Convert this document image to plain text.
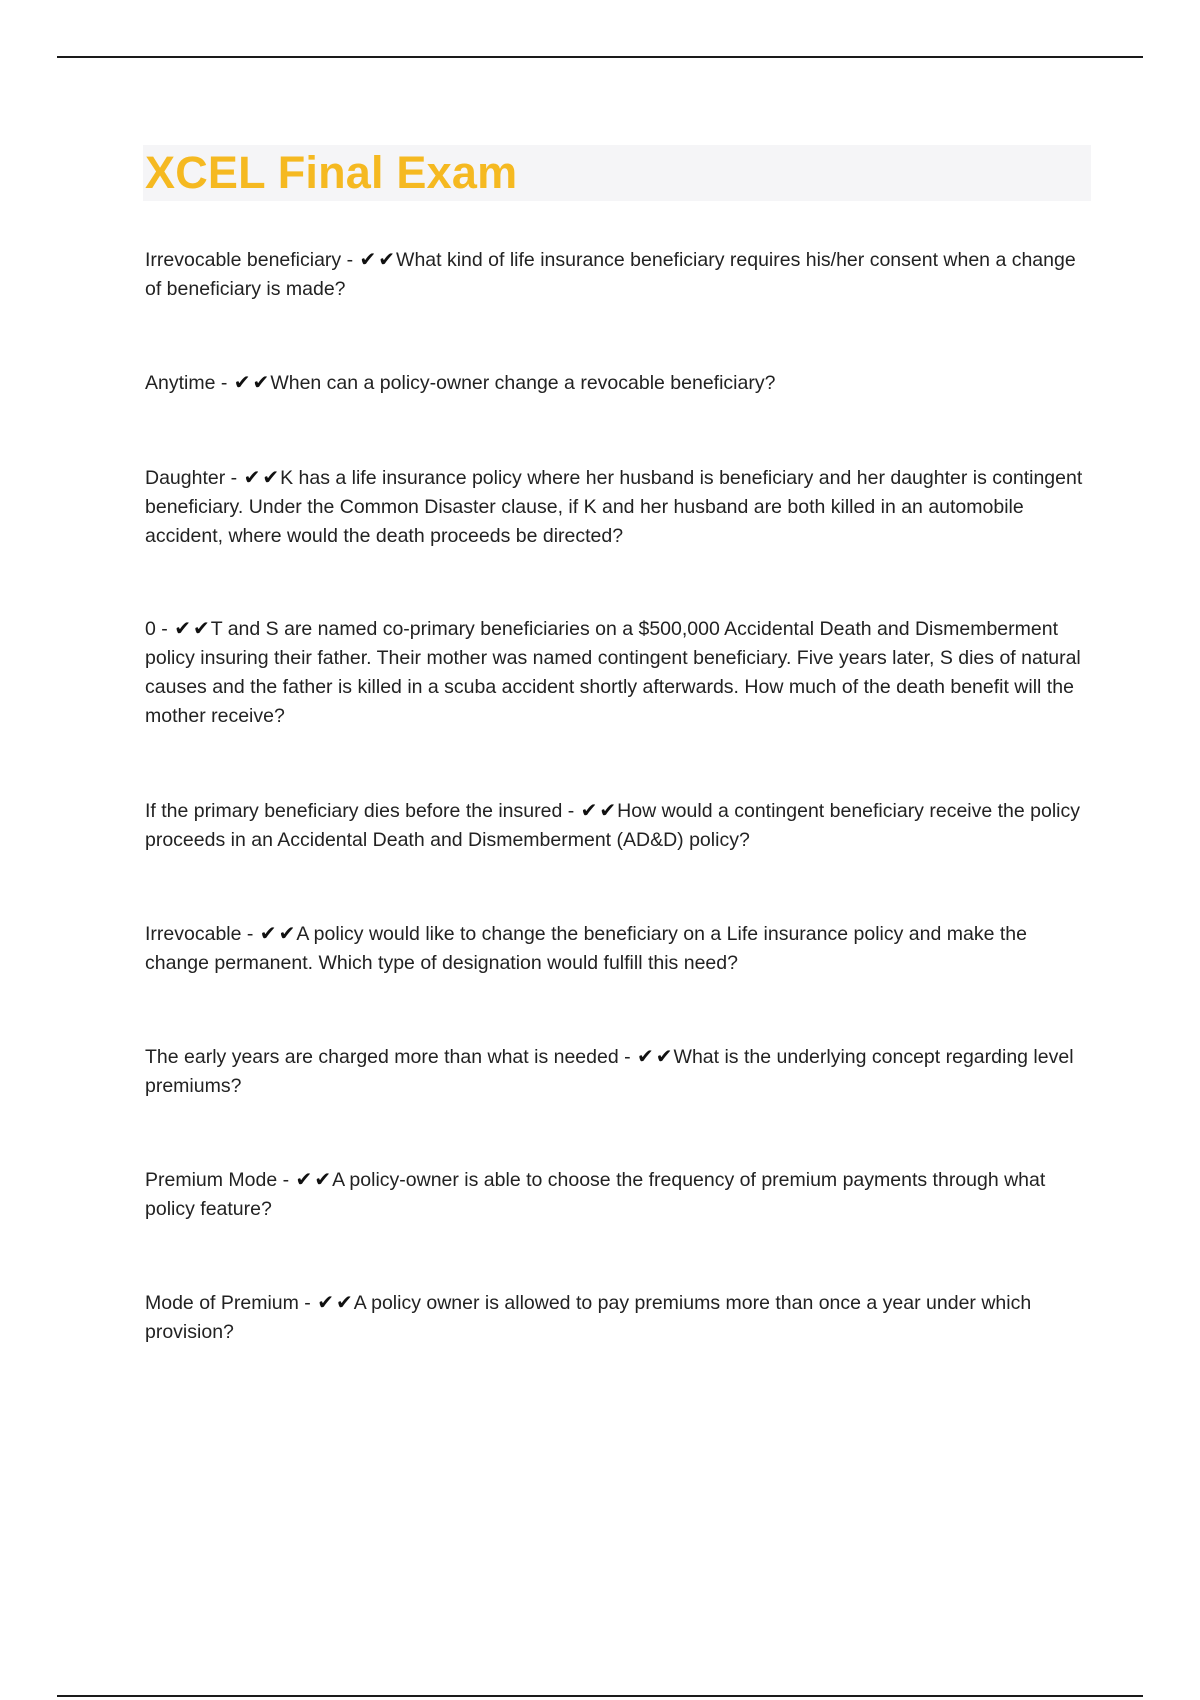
XCEL Final Exam
Irrevocable beneficiary - ✔ ✔What kind of life insurance beneficiary requires his/her consent when a change of beneficiary is made?
Anytime - ✔ ✔When can a policy-owner change a revocable beneficiary?
Daughter - ✔ ✔K has a life insurance policy where her husband is beneficiary and her daughter is contingent beneficiary. Under the Common Disaster clause, if K and her husband are both killed in an automobile accident, where would the death proceeds be directed?
0 - ✔ ✔T and S are named co-primary beneficiaries on a $500,000 Accidental Death and Dismemberment policy insuring their father. Their mother was named contingent beneficiary. Five years later, S dies of natural causes and the father is killed in a scuba accident shortly afterwards. How much of the death benefit will the mother receive?
If the primary beneficiary dies before the insured - ✔ ✔How would a contingent beneficiary receive the policy proceeds in an Accidental Death and Dismemberment (AD&D) policy?
Irrevocable - ✔ ✔A policy would like to change the beneficiary on a Life insurance policy and make the change permanent. Which type of designation would fulfill this need?
The early years are charged more than what is needed - ✔ ✔What is the underlying concept regarding level premiums?
Premium Mode - ✔ ✔A policy-owner is able to choose the frequency of premium payments through what policy feature?
Mode of Premium - ✔ ✔A policy owner is allowed to pay premiums more than once a year under which provision?
